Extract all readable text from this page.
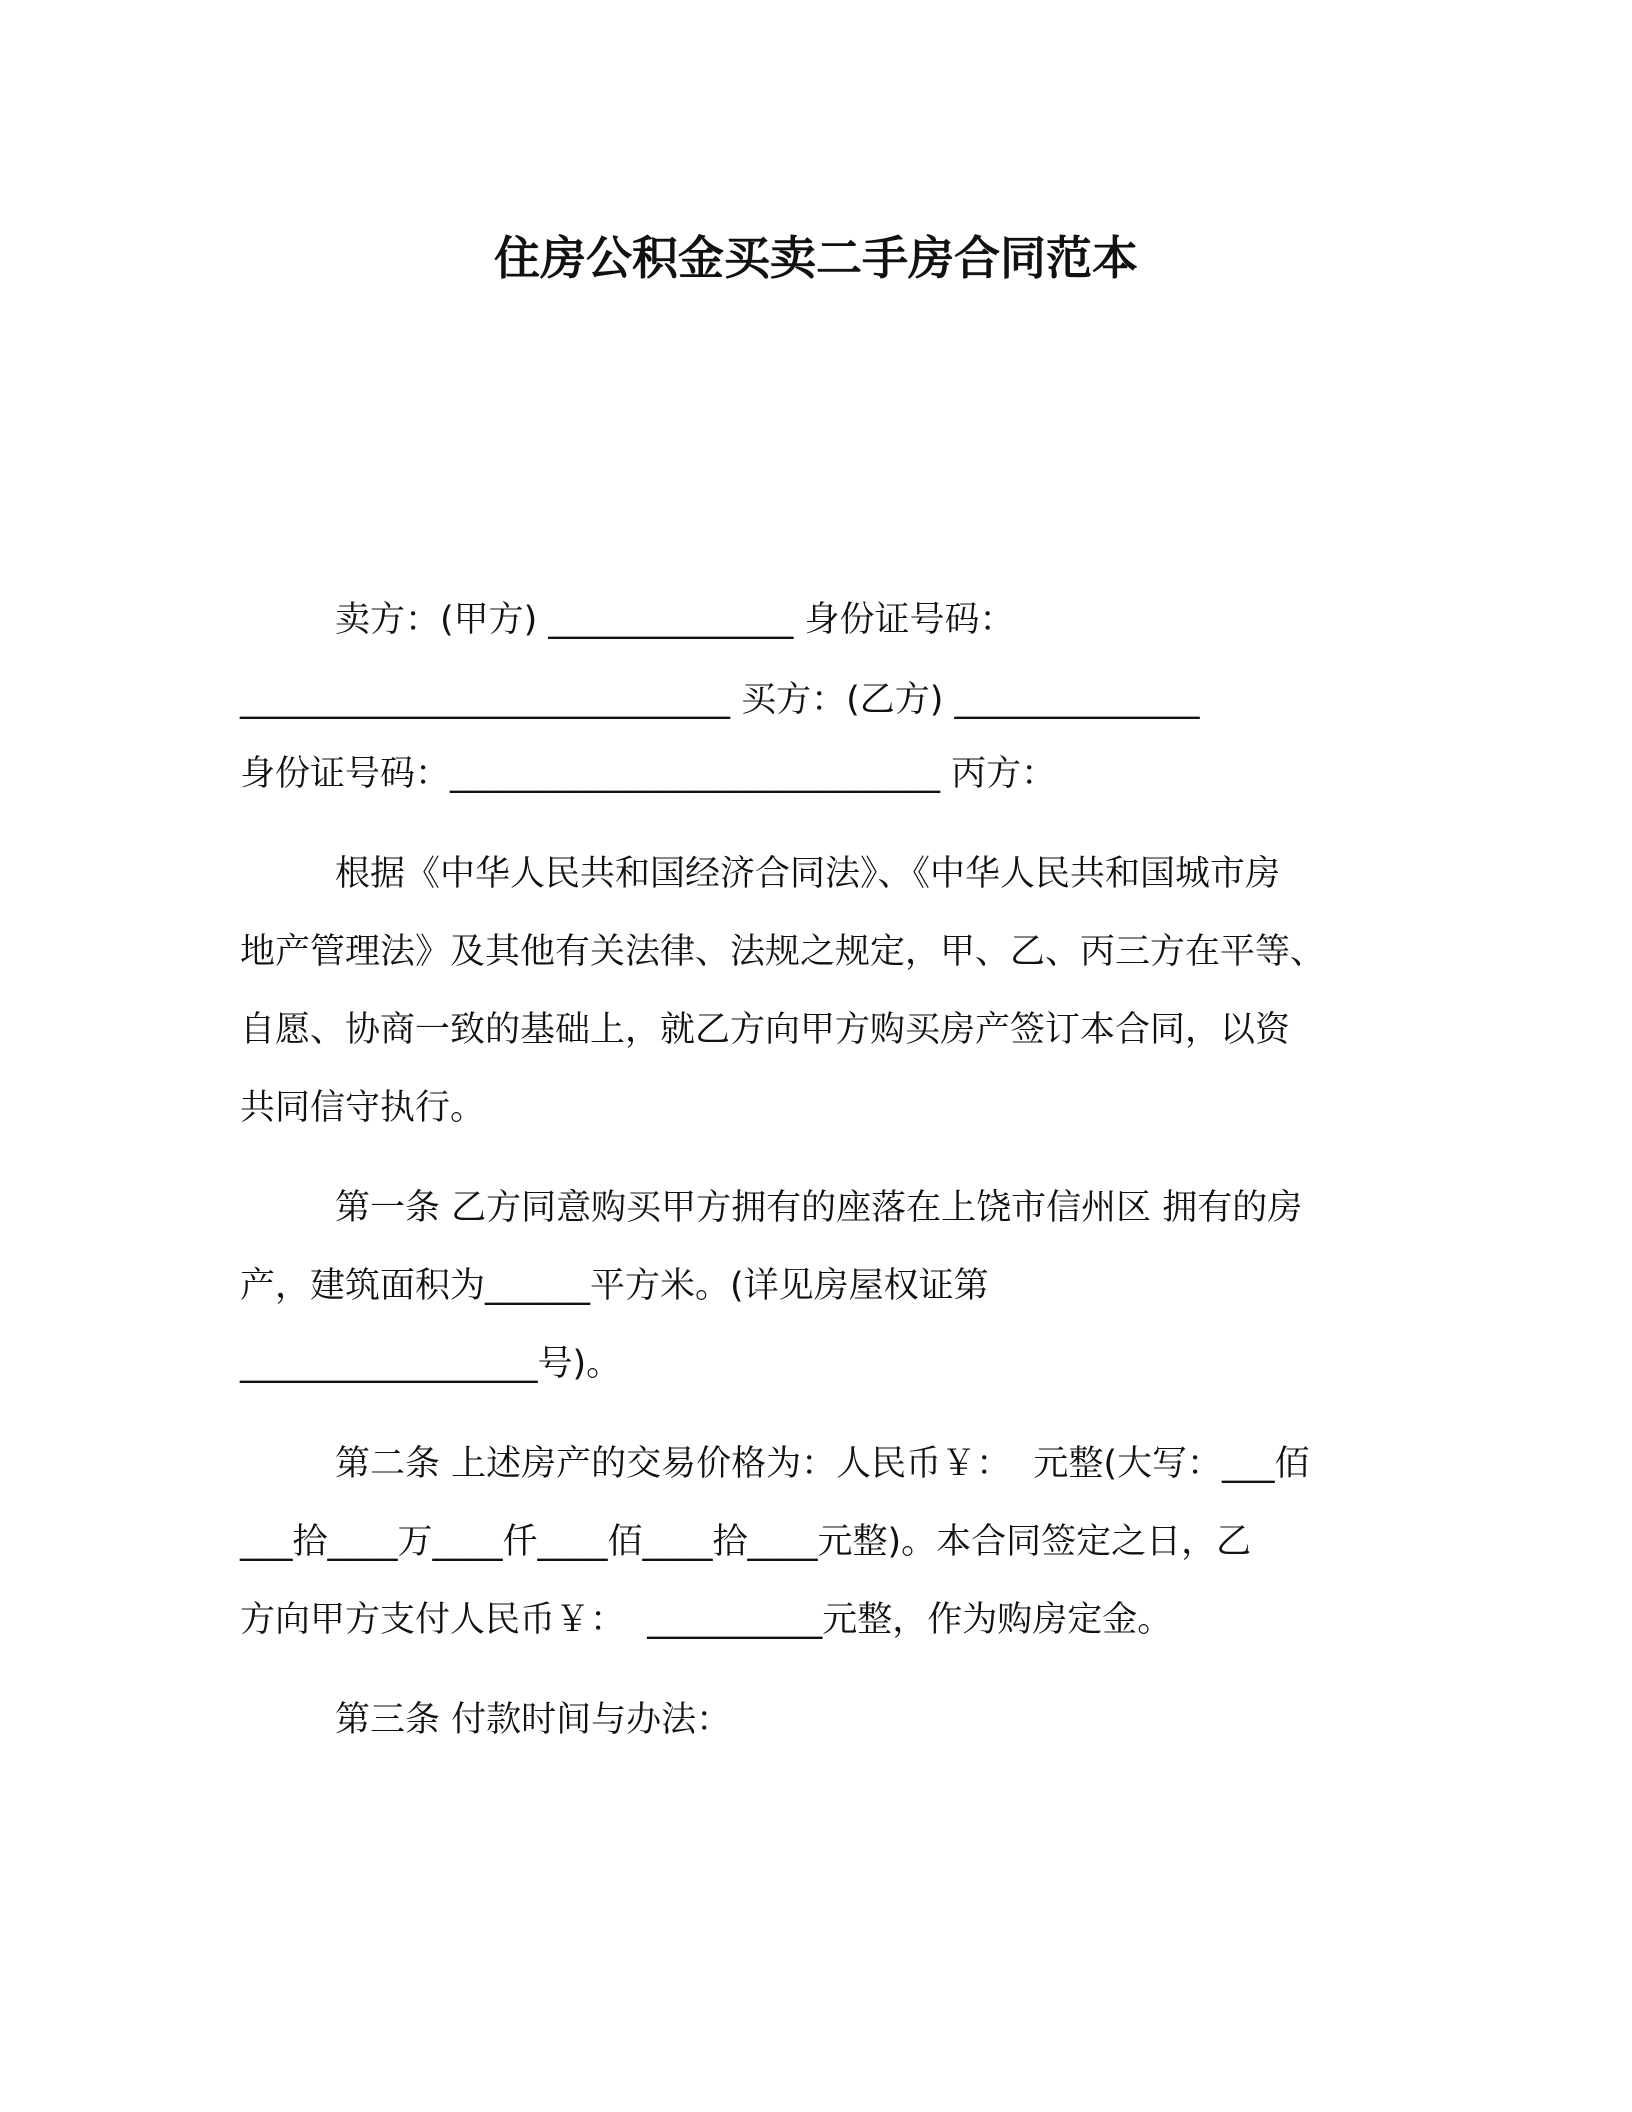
住房公积金买卖二手房合同范本
卖方：(甲方) ______________ 身份证号码：
____________________________ 买方：(乙方) ______________
身份证号码：____________________________ 丙方：
根据《中华人民共和国经济合同法》、《中华人民共和国城市房
地产管理法》及其他有关法律、法规之规定，甲、乙、丙三方在平等、
自愿、协商一致的基础上，就乙方向甲方购买房产签订本合同，以资
共同信守执行。
第一条 乙方同意购买甲方拥有的座落在上饶市信州区 拥有的房
产，建筑面积为______平方米。(详见房屋权证第
_________________号)。
第二条 上述房产的交易价格为：人民币￥：  元整(大写：___佰
___拾____万____仟____佰____拾____元整)。本合同签定之日，乙
方向甲方支付人民币￥：  __________元整，作为购房定金。
第三条 付款时间与办法：
